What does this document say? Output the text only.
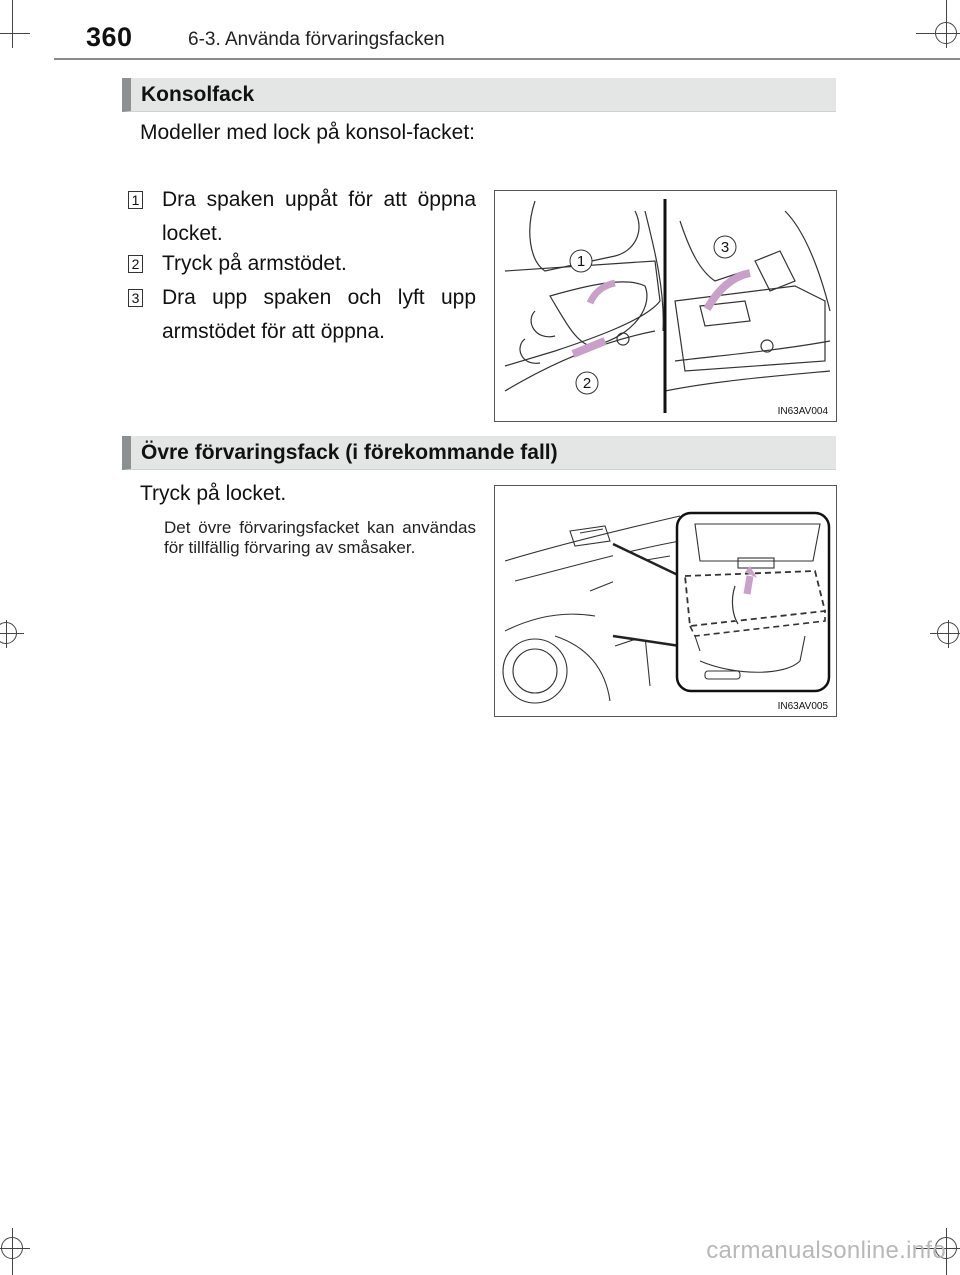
360	6-3. Använda förvaringsfacken
Konsolfack
Modeller med lock på konsol-facket:
1 Dra spaken uppåt för att öppna locket.
2 Tryck på armstödet.
3 Dra upp spaken och lyft upp armstödet för att öppna.
1
2
3
IN63AV004
Övre förvaringsfack (i förekommande fall)
Tryck på locket.
Det övre förvaringsfacket kan användas för tillfällig förvaring av småsaker.
IN63AV005
carmanualsonline.info
